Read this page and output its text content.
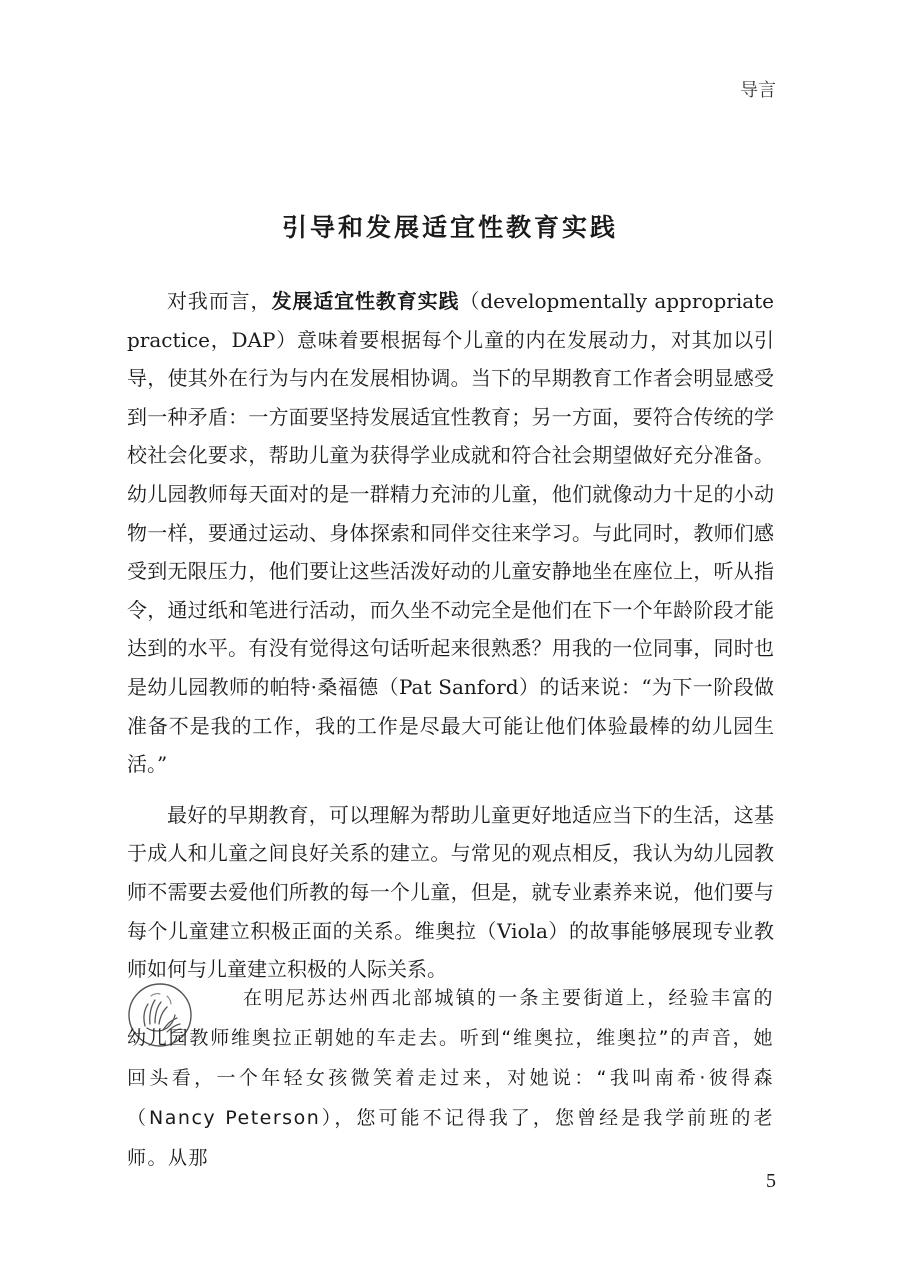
导言
引导和发展适宜性教育实践

对我而言，发展适宜性教育实践（developmentally appropriate practice，DAP）意味着要根据每个儿童的内在发展动力，对其加以引导，使其外在行为与内在发展相协调。当下的早期教育工作者会明显感受到一种矛盾：一方面要坚持发展适宜性教育；另一方面，要符合传统的学校社会化要求，帮助儿童为获得学业成就和符合社会期望做好充分准备。幼儿园教师每天面对的是一群精力充沛的儿童，他们就像动力十足的小动物一样，要通过运动、身体探索和同伴交往来学习。与此同时，教师们感受到无限压力，他们要让这些活泼好动的儿童安静地坐在座位上，听从指令，通过纸和笔进行活动，而久坐不动完全是他们在下一个年龄阶段才能达到的水平。有没有觉得这句话听起来很熟悉？用我的一位同事，同时也是幼儿园教师的帕特·桑福德（Pat Sanford）的话来说：“为下一阶段做准备不是我的工作，我的工作是尽最大可能让他们体验最棒的幼儿园生活。”

最好的早期教育，可以理解为帮助儿童更好地适应当下的生活，这基于成人和儿童之间良好关系的建立。与常见的观点相反，我认为幼儿园教师不需要去爱他们所教的每一个儿童，但是，就专业素养来说，他们要与每个儿童建立积极正面的关系。维奥拉（Viola）的故事能够展现专业教师如何与儿童建立积极的人际关系。

在明尼苏达州西北部城镇的一条主要街道上，经验丰富的幼儿园教师维奥拉正朝她的车走去。听到“维奥拉，维奥拉”的声音，她回头看，一个年轻女孩微笑着走过来，对她说：“我叫南希·彼得森（Nancy Peterson），您可能不记得我了，您曾经是我学前班的老师。从那

5
